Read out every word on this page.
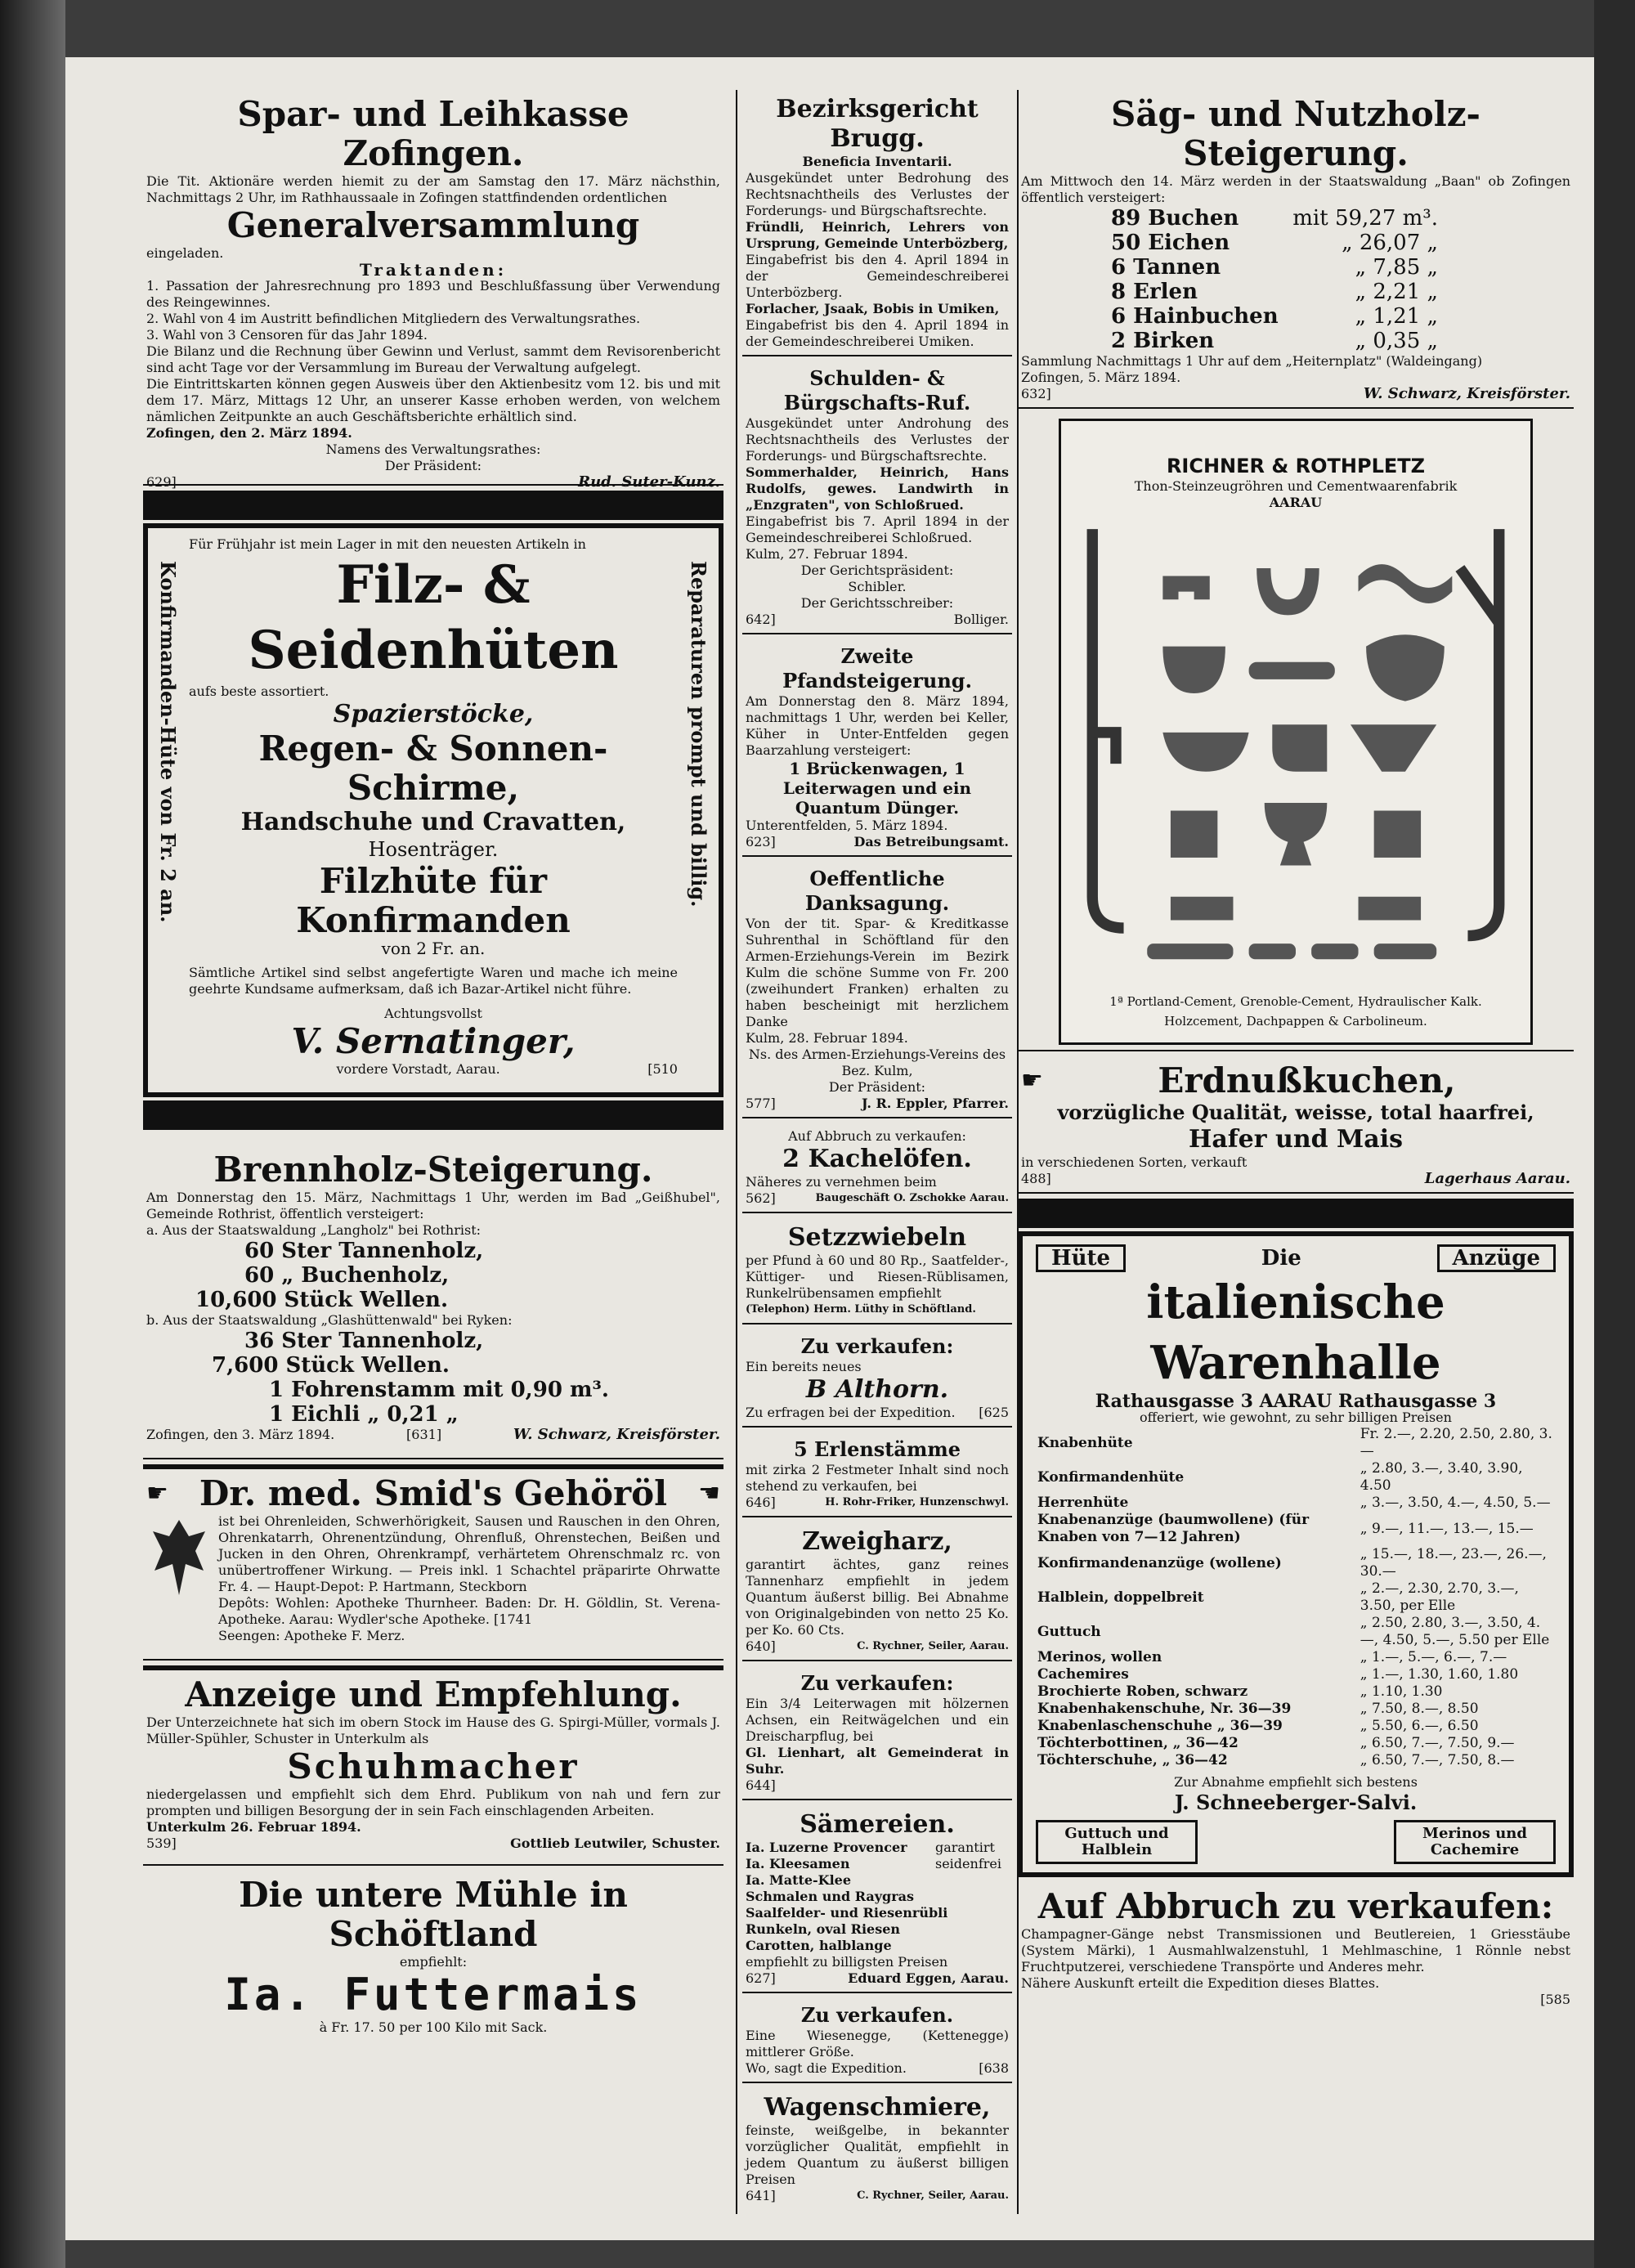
Spar- und Leihkasse Zofingen.
Die Tit. Aktionäre werden hiemit zu der am Samstag den 17. März nächsthin, Nachmittags 2 Uhr, im Rathhaussaale in Zofingen stattfindenden ordentlichen
Generalversammlung
eingeladen.
Traktanden:
1. Passation der Jahresrechnung pro 1893 und Beschlußfassung über Verwendung des Reingewinnes.
2. Wahl von 4 im Austritt befindlichen Mitgliedern des Verwaltungsrathes.
3. Wahl von 3 Censoren für das Jahr 1894.
Die Bilanz und die Rechnung über Gewinn und Verlust, sammt dem Revisorenbericht sind acht Tage vor der Versammlung im Bureau der Verwaltung aufgelegt.
Die Eintrittskarten können gegen Ausweis über den Aktienbesitz vom 12. bis und mit dem 17. März, Mittags 12 Uhr, an unserer Kasse erhoben werden, von welchem nämlichen Zeitpunkte an auch Geschäftsberichte erhältlich sind.
Zofingen, den 2. März 1894.
Namens des Verwaltungsrathes:
Der Präsident:
629]	Rud. Suter-Kunz.
Konfirmanden-Hüte von Fr. 2 an.	Reparaturen prompt und billig.
Für Frühjahr ist mein Lager in mit den neuesten Artikeln in
Filz- & Seidenhüten
aufs beste assortiert.
Spazierstöcke,
Regen- & Sonnen-Schirme,
Handschuhe und Cravatten,
Hosenträger.
Filzhüte für Konfirmanden
von 2 Fr. an.
Sämtliche Artikel sind selbst angefertigte Waren und mache ich meine geehrte Kundsame aufmerksam, daß ich Bazar-Artikel nicht führe.
Achtungsvollst
V. Sernatinger,
vordere Vorstadt, Aarau.	[510
Brennholz-Steigerung.
Am Donnerstag den 15. März, Nachmittags 1 Uhr, werden im Bad „Geißhubel", Gemeinde Rothrist, öffentlich versteigert:
a. Aus der Staatswaldung „Langholz" bei Rothrist:
60 Ster Tannenholz,
60 „ Buchenholz,
10,600 Stück Wellen.
b. Aus der Staatswaldung „Glashüttenwald" bei Ryken:
36 Ster Tannenholz,
7,600 Stück Wellen.
1 Fohrenstamm mit 0,90 m³.
1 Eichli „ 0,21 „
Zofingen, den 3. März 1894.	[631]	W. Schwarz, Kreisförster.
☛ Dr. med. Smid's Gehöröl ☚
ist bei Ohrenleiden, Schwerhörigkeit, Sausen und Rauschen in den Ohren, Ohrenkatarrh, Ohrenentzündung, Ohrenfluß, Ohrenstechen, Beißen und Jucken in den Ohren, Ohrenkrampf, verhärtetem Ohrenschmalz rc. von unübertroffener Wirkung. — Preis inkl. 1 Schachtel präparirte Ohrwatte Fr. 4. — Haupt-Depot: P. Hartmann, Steckborn
Depôts: Wohlen: Apotheke Thurnheer. Baden: Dr. H. Göldlin, St. Verena-Apotheke. Aarau: Wydler'sche Apotheke. [1741
Seengen: Apotheke F. Merz.
Anzeige und Empfehlung.
Der Unterzeichnete hat sich im obern Stock im Hause des G. Spirgi-Müller, vormals J. Müller-Spühler, Schuster in Unterkulm als
Schuhmacher
niedergelassen und empfiehlt sich dem Ehrd. Publikum von nah und fern zur prompten und billigen Besorgung der in sein Fach einschlagenden Arbeiten.
Unterkulm 26. Februar 1894.
539]	Gottlieb Leutwiler, Schuster.
Die untere Mühle in Schöftland
empfiehlt:
Ia. Futtermais
à Fr. 17. 50 per 100 Kilo mit Sack.
Bezirksgericht Brugg.
Beneficia Inventarii.
Ausgekündet unter Bedrohung des Rechtsnachtheils des Verlustes der Forderungs- und Bürgschaftsrechte.
Fründli, Heinrich, Lehrers von Ursprung, Gemeinde Unterbözberg,
Eingabefrist bis den 4. April 1894 in der Gemeindeschreiberei Unterbözberg.
Forlacher, Jsaak, Bobis in Umiken,
Eingabefrist bis den 4. April 1894 in der Gemeindeschreiberei Umiken.
Schulden- & Bürgschafts-Ruf.
Ausgekündet unter Androhung des Rechtsnachtheils des Verlustes der Forderungs- und Bürgschaftsrechte.
Sommerhalder, Heinrich, Hans Rudolfs, gewes. Landwirth in „Enzgraten", von Schloßrued.
Eingabefrist bis 7. April 1894 in der Gemeindeschreiberei Schloßrued.
Kulm, 27. Februar 1894.
Der Gerichtspräsident:
Schibler.
Der Gerichtsschreiber:
642]	Bolliger.
Zweite Pfandsteigerung.
Am Donnerstag den 8. März 1894, nachmittags 1 Uhr, werden bei Keller, Küher in Unter-Entfelden gegen Baarzahlung versteigert:
1 Brückenwagen, 1 Leiterwagen und ein Quantum Dünger.
Unterentfelden, 5. März 1894.
623]	Das Betreibungsamt.
Oeffentliche Danksagung.
Von der tit. Spar- & Kreditkasse Suhrenthal in Schöftland für den Armen-Erziehungs-Verein im Bezirk Kulm die schöne Summe von Fr. 200 (zweihundert Franken) erhalten zu haben bescheinigt mit herzlichem Danke
Kulm, 28. Februar 1894.
Ns. des Armen-Erziehungs-Vereins des Bez. Kulm,
Der Präsident:
577]	J. R. Eppler, Pfarrer.
Auf Abbruch zu verkaufen:
2 Kachelöfen.
Näheres zu vernehmen beim
562]	Baugeschäft O. Zschokke Aarau.
Setzzwiebeln
per Pfund à 60 und 80 Rp., Saatfelder-, Küttiger- und Riesen-Rüblisamen, Runkelrübensamen empfiehlt
(Telephon) Herm. Lüthy in Schöftland.
Zu verkaufen:
Ein bereits neues
B Althorn.
Zu erfragen bei der Expedition. [625
5 Erlenstämme
mit zirka 2 Festmeter Inhalt sind noch stehend zu verkaufen, bei
646]	H. Rohr-Friker, Hunzenschwyl.
Zweigharz,
garantirt ächtes, ganz reines Tannenharz empfiehlt in jedem Quantum äußerst billig. Bei Abnahme von Originalgebinden von netto 25 Ko. per Ko. 60 Cts.
640]	C. Rychner, Seiler, Aarau.
Zu verkaufen:
Ein 3/4 Leiterwagen mit hölzernen Achsen, ein Reitwägelchen und ein Dreischarpflug, bei
Gl. Lienhart, alt Gemeinderat in Suhr.
644]
Sämereien.
Ia. Luzerne Provencer
Ia. Kleesamen
Ia. Matte-Klee
garantirt seidenfrei
Schmalen und Raygras
Saalfelder- und Riesenrübli
Runkeln, oval Riesen
Carotten, halblange
empfiehlt zu billigsten Preisen
627]	Eduard Eggen, Aarau.
Zu verkaufen.
Eine Wiesenegge, (Kettenegge) mittlerer Größe.
Wo, sagt die Expedition.	[638
Wagenschmiere,
feinste, weißgelbe, in bekannter vorzüglicher Qualität, empfiehlt in jedem Quantum zu äußerst billigen Preisen
641]	C. Rychner, Seiler, Aarau.
Säg- und Nutzholz-Steigerung.
Am Mittwoch den 14. März werden in der Staatswaldung „Baan" ob Zofingen öffentlich versteigert:
89 Buchen	mit 59,27 m³.
50 Eichen	„ 26,07 „
6 Tannen	„ 7,85 „
8 Erlen	„ 2,21 „
6 Hainbuchen	„ 1,21 „
2 Birken	„ 0,35 „
Sammlung Nachmittags 1 Uhr auf dem „Heiternplatz" (Waldeingang)
Zofingen, 5. März 1894.
632]	W. Schwarz, Kreisförster.
RICHNER & ROTHPLETZ
Thon-Steinzeugröhren und Cementwaarenfabrik
AARAU
1ª Portland-Cement, Grenoble-Cement, Hydraulischer Kalk.
Holzcement, Dachpappen & Carbolineum.
☛	Erdnußkuchen,
vorzügliche Qualität, weisse, total haarfrei,
Hafer und Mais
in verschiedenen Sorten, verkauft
488]	Lagerhaus Aarau.
Hüte	Die	Anzüge
italienische Warenhalle
Rathausgasse 3 AARAU Rathausgasse 3
offeriert, wie gewohnt, zu sehr billigen Preisen
Knabenhüte	Fr. 2.—, 2.20, 2.50, 2.80, 3.—
Konfirmandenhüte	„ 2.80, 3.—, 3.40, 3.90, 4.50
Herrenhüte	„ 3.—, 3.50, 4.—, 4.50, 5.—
Knabenanzüge (baumwollene) (für Knaben von 7—12 Jahren)	„ 9.—, 11.—, 13.—, 15.—
Konfirmandenanzüge (wollene)	„ 15.—, 18.—, 23.—, 26.—, 30.—
Halblein, doppelbreit	„ 2.—, 2.30, 2.70, 3.—, 3.50, per Elle
Guttuch	„ 2.50, 2.80, 3.—, 3.50, 4.—, 4.50, 5.—, 5.50 per Elle
Merinos, wollen	„ 1.—, 5.—, 6.—, 7.—
Cachemires	„ 1.—, 1.30, 1.60, 1.80
Brochierte Roben, schwarz	„ 1.10, 1.30
Knabenhakenschuhe, Nr. 36—39	„ 7.50, 8.—, 8.50
Knabenlaschenschuhe „ 36—39	„ 5.50, 6.—, 6.50
Töchterbottinen, „ 36—42	„ 6.50, 7.—, 7.50, 9.—
Töchterschuhe, „ 36—42	„ 6.50, 7.—, 7.50, 8.—
Zur Abnahme empfiehlt sich bestens
J. Schneeberger-Salvi.
Guttuch und Halblein
Merinos und Cachemire
Auf Abbruch zu verkaufen:
Champagner-Gänge nebst Transmissionen und Beutlereien, 1 Griesstäube (System Märki), 1 Ausmahlwalzenstuhl, 1 Mehlmaschine, 1 Rönnle nebst Fruchtputzerei, verschiedene Transpörte und Anderes mehr.
Nähere Auskunft erteilt die Expedition dieses Blattes.
[585
